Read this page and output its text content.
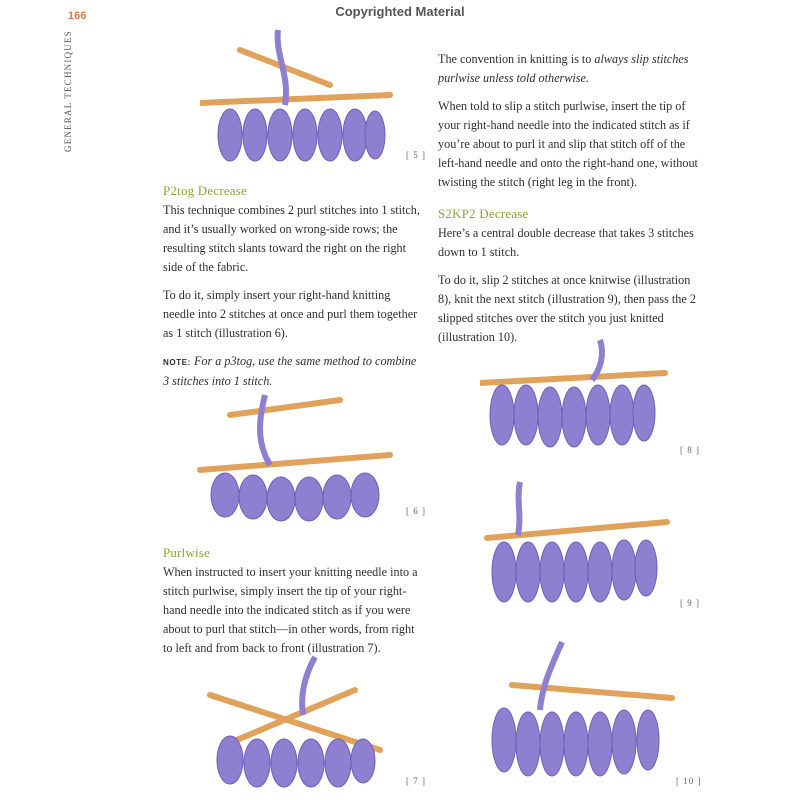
166	Copyrighted Material
GENERAL TECHNIQUES
[ 5 ]
P2tog Decrease

This technique combines 2 purl stitches into 1 stitch, and it’s usually worked on wrong-side rows; the resulting stitch slants toward the right on the right side of the fabric.

To do it, simply insert your right-hand knitting needle into 2 stitches at once and purl them together as 1 stitch (illustration 6).

NOTE: For a p3tog, use the same method to combine 3 stitches into 1 stitch.

[ 6 ]
Purlwise

When instructed to insert your knitting needle into a stitch purlwise, simply insert the tip of your right-hand needle into the indicated stitch as if you were about to purl that stitch—in other words, from right to left and from back to front (illustration 7).

[ 7 ]

The convention in knitting is to always slip stitches purlwise unless told otherwise.

When told to slip a stitch purlwise, insert the tip of your right-hand needle into the indicated stitch as if you’re about to purl it and slip that stitch off of the left-hand needle and onto the right-hand one, without twisting the stitch (right leg in the front).

S2KP2 Decrease

Here’s a central double decrease that takes 3 stitches down to 1 stitch.

To do it, slip 2 stitches at once knitwise (illustration 8), knit the next stitch (illustration 9), then pass the 2 slipped stitches over the stitch you just knitted (illustration 10).

[ 8 ]
[ 9 ]
[ 10 ]
